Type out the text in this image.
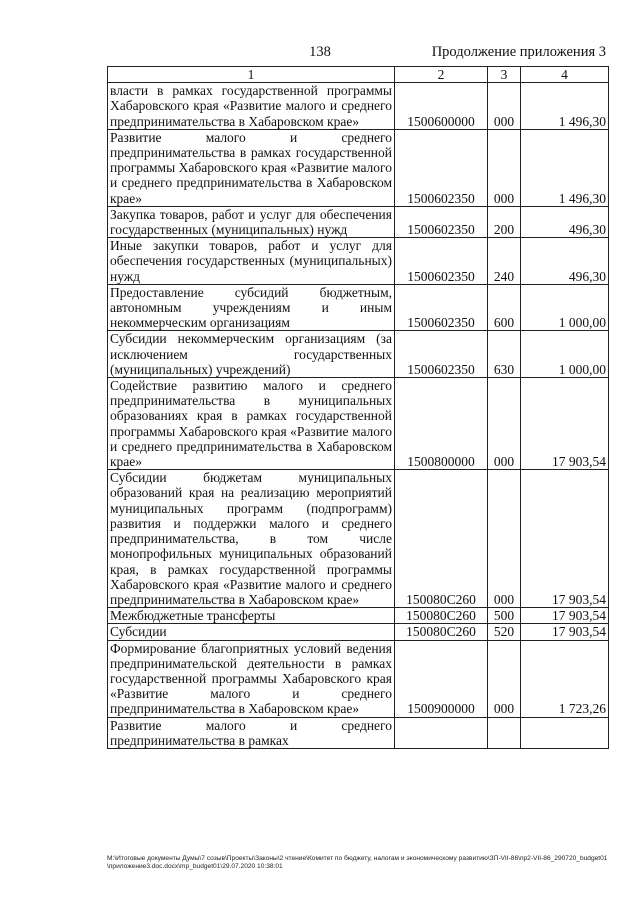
138	Продолжение приложения 3
1	2	3	4
власти в рамках государственной программы Хабаровского края «Развитие малого и среднего предпринимательства в Хабаровском крае»	1500600000	000	1 496,30
Развитие малого и среднего предпринимательства в рамках государственной программы Хабаровского края «Развитие малого и среднего предпринимательства в Хабаровском крае»	1500602350	000	1 496,30
Закупка товаров, работ и услуг для обеспечения государственных (муниципальных) нужд	1500602350	200	496,30
Иные закупки товаров, работ и услуг для обеспечения государственных (муниципальных) нужд	1500602350	240	496,30
Предоставление субсидий бюджетным, автономным учреждениям и иным некоммерческим организациям	1500602350	600	1 000,00
Субсидии некоммерческим организациям (за исключением государственных (муниципальных) учреждений)	1500602350	630	1 000,00
Содействие развитию малого и среднего предпринимательства в муниципальных образованиях края в рамках государственной программы Хабаровского края «Развитие малого и среднего предпринимательства в Хабаровском крае»	1500800000	000	17 903,54
Субсидии бюджетам муниципальных образований края на реализацию мероприятий муниципальных программ (подпрограмм) развития и поддержки малого и среднего предпринимательства, в том числе монопрофильных муниципальных образований края, в рамках государственной программы Хабаровского края «Развитие малого и среднего предпринимательства в Хабаровском крае»	150080С260	000	17 903,54
Межбюджетные трансферты	150080С260	500	17 903,54
Субсидии	150080С260	520	17 903,54
Формирование благоприятных условий ведения предпринимательской деятельности в рамках государственной программы Хабаровского края «Развитие малого и среднего предпринимательства в Хабаровском крае»	1500900000	000	1 723,26
Развитие малого и среднего предпринимательства в рамках			
М:\Итоговые документы Думы\7 созыв\Проекты\Законы\2 чтение\Комитет по бюджету, налогам и экономическому развитию\ЗП-VII-86\пр2-VII-86_290720_budget01\приложение3.doc.docx\mp_budget01\29.07.2020 10:38:01
